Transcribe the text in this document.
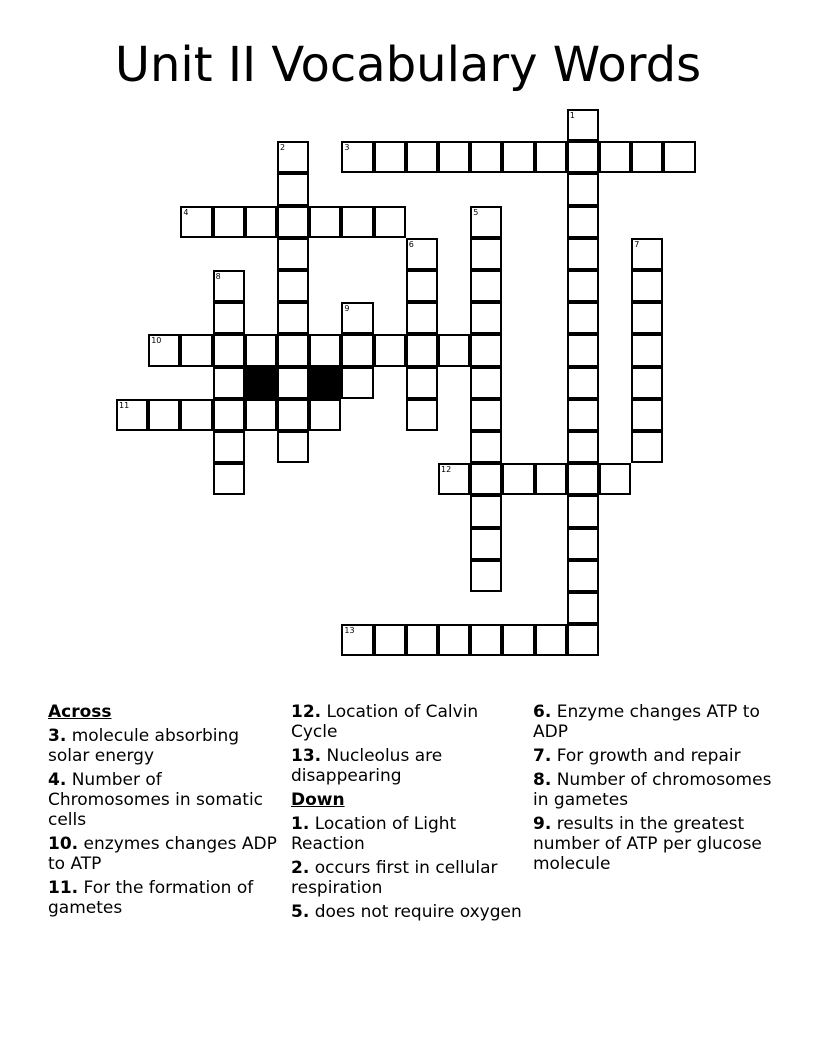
Unit II Vocabulary Words
1
2	3
4	5
6	7
8
9
10
11
12
13
Across
3. molecule absorbing solar energy
4. Number of Chromosomes in somatic cells
10. enzymes changes ADP to ATP
11. For the formation of gametes
12. Location of Calvin Cycle
13. Nucleolus are disappearing
Down
1. Location of Light Reaction
2. occurs first in cellular respiration
5. does not require oxygen
6. Enzyme changes ATP to ADP
7. For growth and repair
8. Number of chromosomes in gametes
9. results in the greatest number of ATP per glucose molecule
